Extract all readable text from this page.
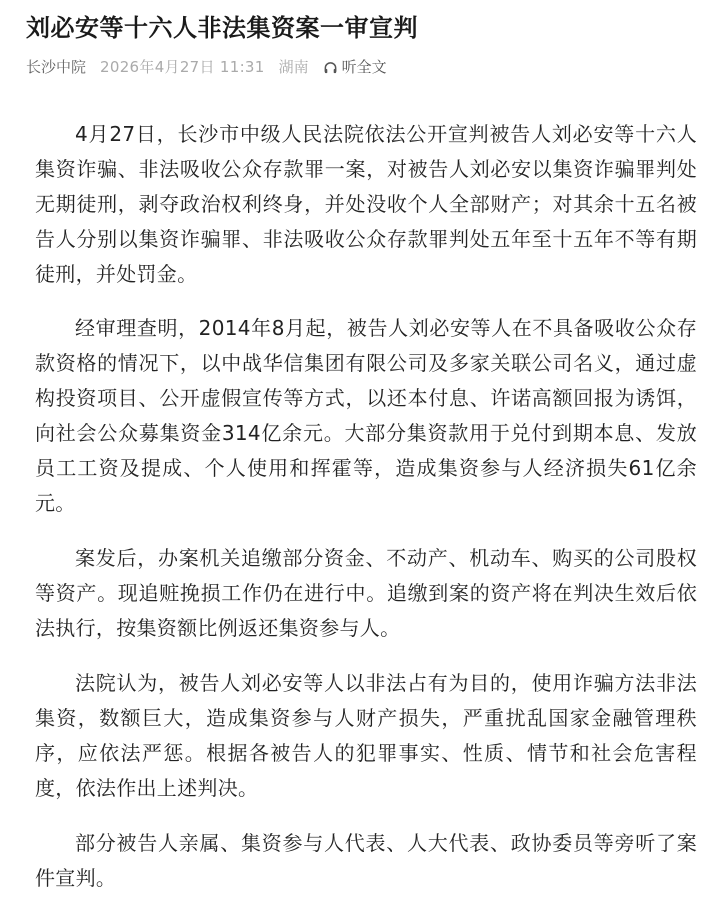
刘必安等十六人非法集资案一审宣判
长沙中院 2026年4月27日 11:31 湖南 听全文

4月27日，长沙市中级人民法院依法公开宣判被告人刘必安等十六人集资诈骗、非法吸收公众存款罪一案，对被告人刘必安以集资诈骗罪判处无期徒刑，剥夺政治权利终身，并处没收个人全部财产；对其余十五名被告人分别以集资诈骗罪、非法吸收公众存款罪判处五年至十五年不等有期徒刑，并处罚金。

经审理查明，2014年8月起，被告人刘必安等人在不具备吸收公众存款资格的情况下，以中战华信集团有限公司及多家关联公司名义，通过虚构投资项目、公开虚假宣传等方式，以还本付息、许诺高额回报为诱饵，向社会公众募集资金314亿余元。大部分集资款用于兑付到期本息、发放员工工资及提成、个人使用和挥霍等，造成集资参与人经济损失61亿余元。

案发后，办案机关追缴部分资金、不动产、机动车、购买的公司股权等资产。现追赃挽损工作仍在进行中。追缴到案的资产将在判决生效后依法执行，按集资额比例返还集资参与人。

法院认为，被告人刘必安等人以非法占有为目的，使用诈骗方法非法集资，数额巨大，造成集资参与人财产损失，严重扰乱国家金融管理秩序，应依法严惩。根据各被告人的犯罪事实、性质、情节和社会危害程度，依法作出上述判决。

部分被告人亲属、集资参与人代表、人大代表、政协委员等旁听了案件宣判。
